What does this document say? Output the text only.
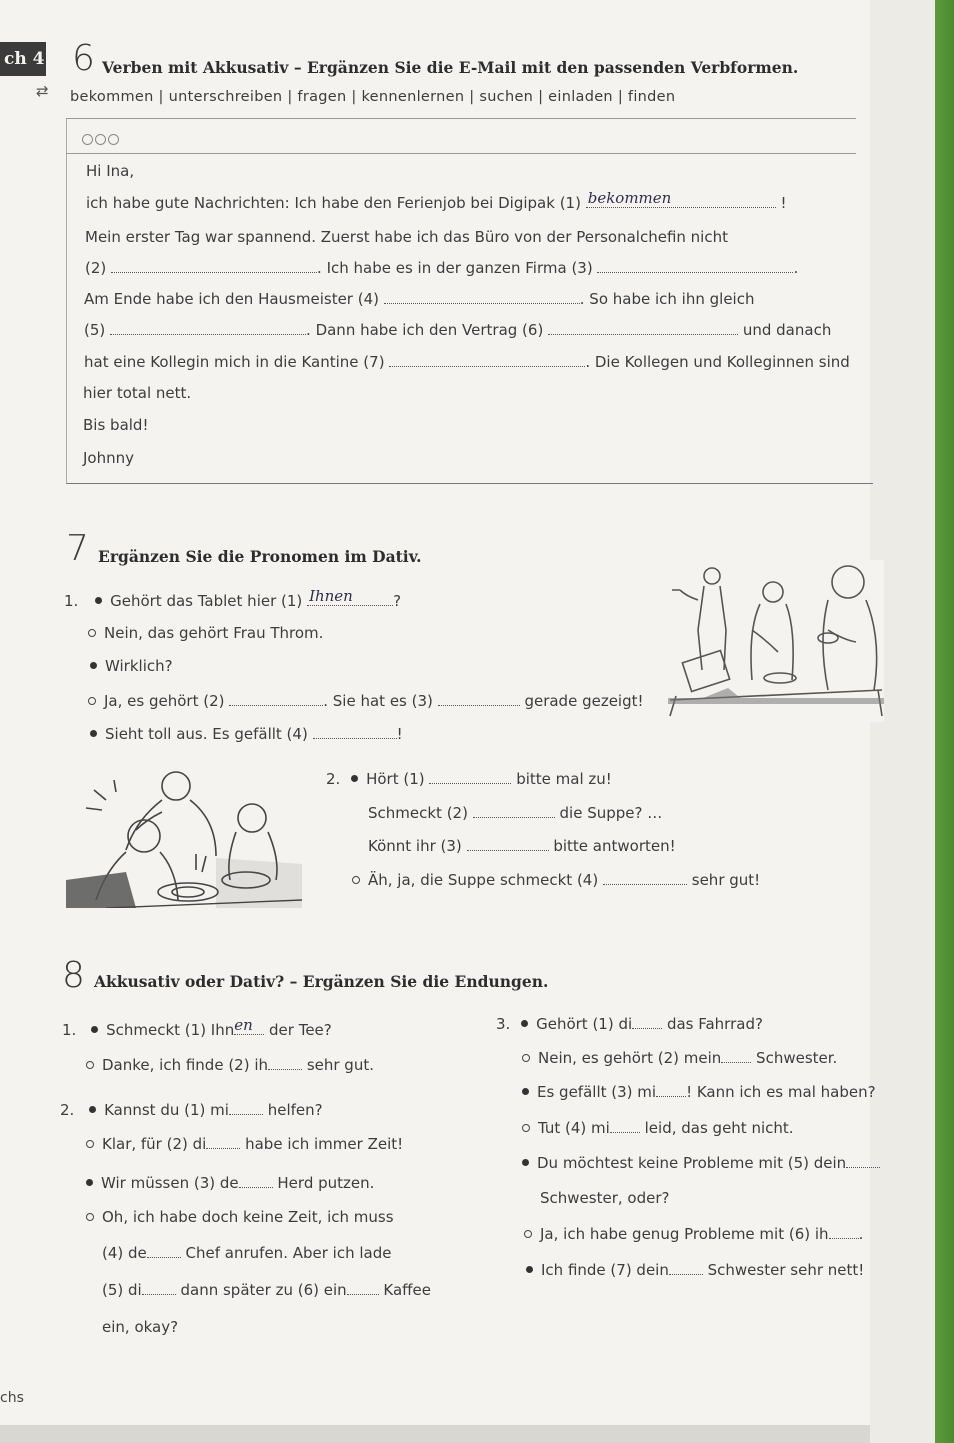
ch 4 6 Verben mit Akkusativ – Ergänzen Sie die E-Mail mit den passenden Verbformen.
⇄ bekommen | unterschreiben | fragen | kennenlernen | suchen | einladen | finden
Hi Ina,
ich habe gute Nachrichten: Ich habe den Ferienjob bei Digipak (1) bekommen	!
Mein erster Tag war spannend. Zuerst habe ich das Büro von der Personalchefin nicht
(2)	. Ich habe es in der ganzen Firma (3)	.
Am Ende habe ich den Hausmeister (4)	. So habe ich ihn gleich
(5)	. Dann habe ich den Vertrag (6)	und danach
hat eine Kollegin mich in die Kantine (7)	. Die Kollegen und Kolleginnen sind
hier total nett.
Bis bald!
Johnny
7 Ergänzen Sie die Pronomen im Dativ.
1. Gehört das Tablet hier (1) Ihnen	?
Nein, das gehört Frau Throm.
Wirklich?
Ja, es gehört (2)	. Sie hat es (3)	gerade gezeigt!
Sieht toll aus. Es gefällt (4)	!
2. Hört (1)	bitte mal zu!
Schmeckt (2)	die Suppe? …
Könnt ihr (3)	bitte antworten!
Äh, ja, die Suppe schmeckt (4)	sehr gut!
8 Akkusativ oder Dativ? – Ergänzen Sie die Endungen.
1. Schmeckt (1) Ihn en der Tee?
Danke, ich finde (2) ih	sehr gut.
2. Kannst du (1) mi	helfen?
Klar, für (2) di	habe ich immer Zeit!
Wir müssen (3) de	Herd putzen.
Oh, ich habe doch keine Zeit, ich muss
(4) de	Chef anrufen. Aber ich lade
(5) di	dann später zu (6) ein Kaffee
ein, okay?
3. Gehört (1) di das Fahrrad?
Nein, es gehört (2) mein Schwester.
Es gefällt (3) mi ! Kann ich es mal haben?
Tut (4) mi leid, das geht nicht.
Du möchtest keine Probleme mit (5) dein
Schwester, oder?
Ja, ich habe genug Probleme mit (6) ih .
Ich finde (7) dein	Schwester sehr nett!
chs
